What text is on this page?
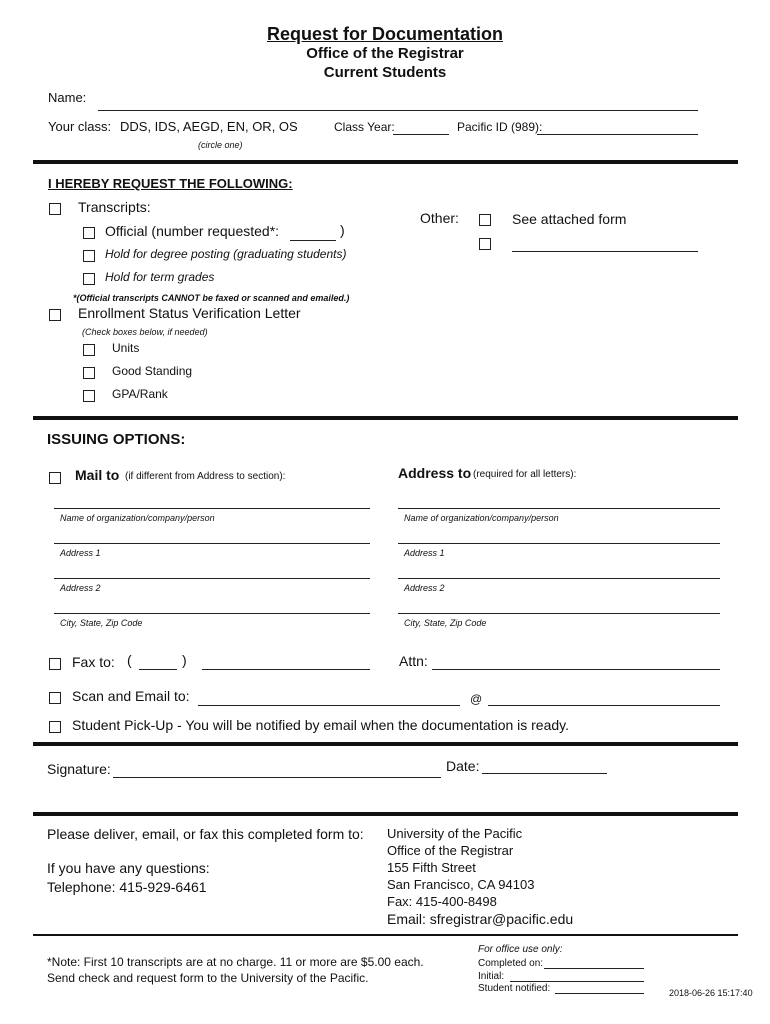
Request for Documentation
Office of the Registrar
Current Students
Name:
Your class: DDS, IDS, AEGD, EN, OR, OS
(circle one)
Class Year:	Pacific ID (989):
I HEREBY REQUEST THE FOLLOWING:
Transcripts:
Official (number requested*:	)
Hold for degree posting (graduating students)
Hold for term grades
*(Official transcripts CANNOT be faxed or scanned and emailed.)
Other:	See attached form
Enrollment Status Verification Letter
(Check boxes below, if needed)
Units
Good Standing
GPA/Rank
ISSUING OPTIONS:
Mail to (if different from Address to section):	Address to (required for all letters):
Name of organization/company/person
Address 1
Address 2
City, State, Zip Code
Name of organization/company/person
Address 1
Address 2
City, State, Zip Code
Fax to: (	)	Attn:
Scan and Email to:	@
Student Pick-Up - You will be notified by email when the documentation is ready.
Signature:	Date:
Please deliver, email, or fax this completed form to:
If you have any questions:
Telephone: 415-929-6461
University of the Pacific
Office of the Registrar
155 Fifth Street
San Francisco, CA 94103
Fax: 415-400-8498
Email: sfregistrar@pacific.edu
*Note: First 10 transcripts are at no charge. 11 or more are $5.00 each.
Send check and request form to the University of the Pacific.
For office use only:
Completed on:
Initial:
Student notified:	2018-06-26 15:17:40
